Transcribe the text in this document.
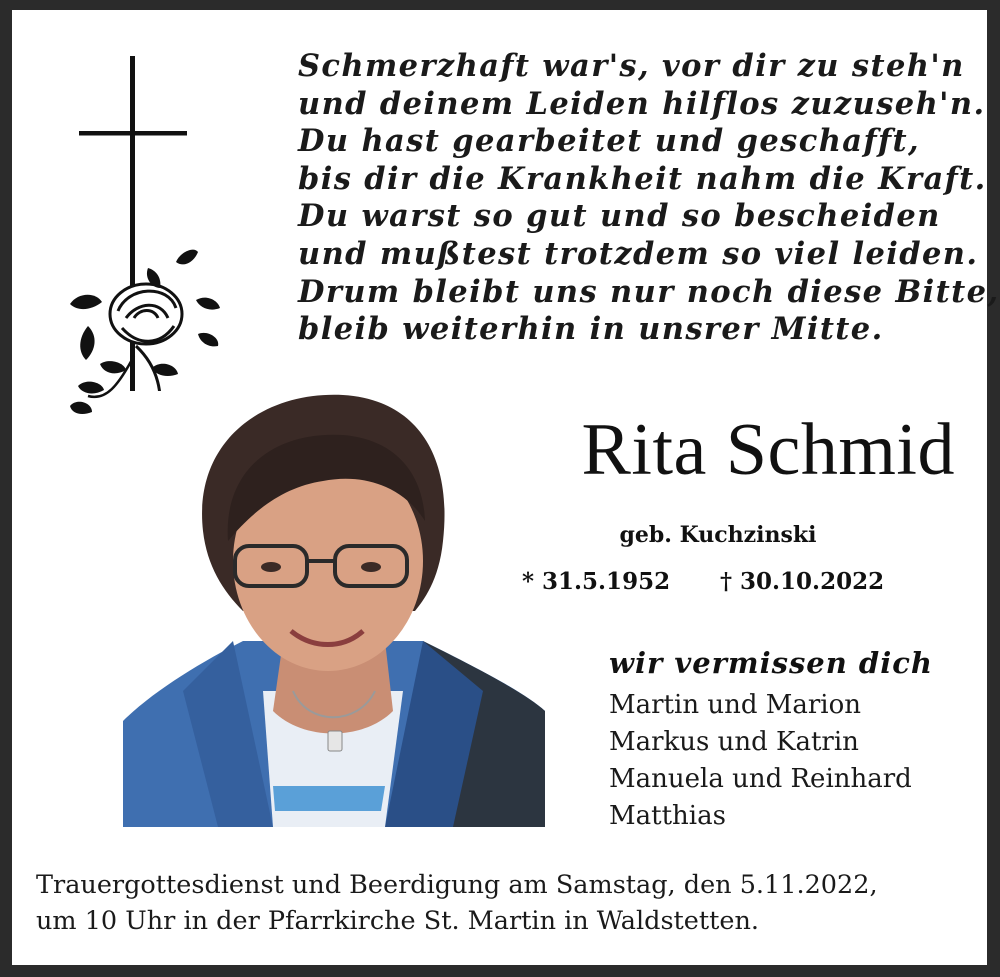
Schmerzhaft war's, vor dir zu steh'n
und deinem Leiden hilflos zuzuseh'n.
Du hast gearbeitet und geschafft,
bis dir die Krankheit nahm die Kraft.
Du warst so gut und so bescheiden
und mußtest trotzdem so viel leiden.
Drum bleibt uns nur noch diese Bitte,
bleib weiterhin in unsrer Mitte.
Rita Schmid
geb. Kuchzinski
* 31.5.1952 † 30.10.2022
wir vermissen dich
Martin und Marion
Markus und Katrin
Manuela und Reinhard
Matthias
Trauergottesdienst und Beerdigung am Samstag, den 5.11.2022,
um 10 Uhr in der Pfarrkirche St. Martin in Waldstetten.
